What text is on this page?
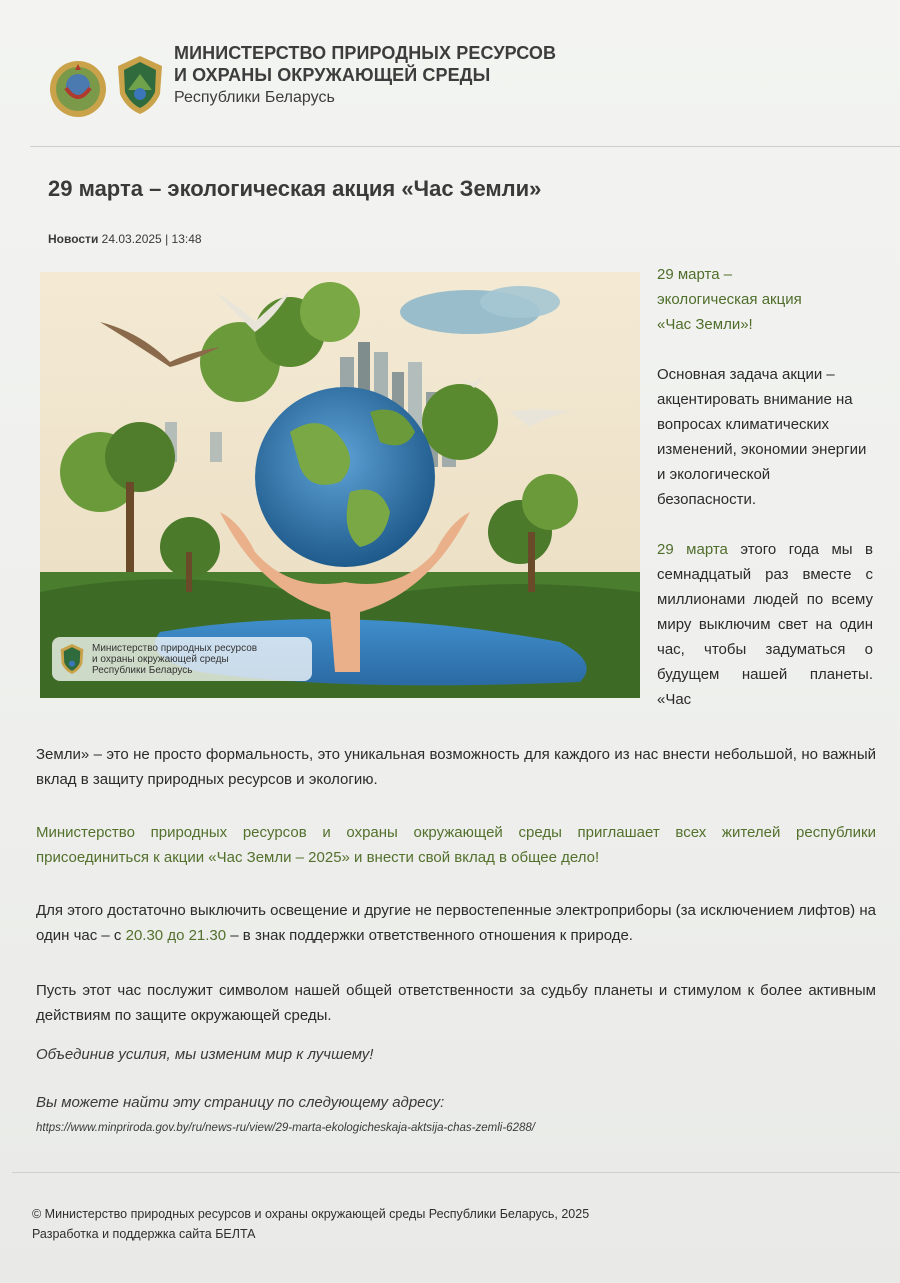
МИНИСТЕРСТВО ПРИРОДНЫХ РЕСУРСОВ
И ОХРАНЫ ОКРУЖАЮЩЕЙ СРЕДЫ
Республики Беларусь
29 марта – экологическая акция «Час Земли»
Новости 24.03.2025 | 13:48
Министерство природных ресурсов
и охраны окружающей среды
Республики Беларусь

29 марта –
экологическая акция
«Час Земли»!

Основная задача акции – акцентировать внимание на вопросах климатических изменений, экономии энергии и экологической безопасности.

29 марта этого года мы в семнадцатый раз вместе с миллионами людей по всему миру выключим свет на один час, чтобы задуматься о будущем нашей планеты. «Час

Земли» – это не просто формальность, это уникальная возможность для каждого из нас внести небольшой, но важный вклад в защиту природных ресурсов и экологию.

Министерство природных ресурсов и охраны окружающей среды приглашает всех жителей республики присоединиться к акции «Час Земли – 2025» и внести свой вклад в общее дело!

Для этого достаточно выключить освещение и другие не первостепенные электроприборы (за исключением лифтов) на один час – с 20.30 до 21.30 – в знак поддержки ответственного отношения к природе.

Пусть этот час послужит символом нашей общей ответственности за судьбу планеты и стимулом к более активным действиям по защите окружающей среды.

Объединив усилия, мы изменим мир к лучшему!
Вы можете найти эту страницу по следующему адресу:
https://www.minpriroda.gov.by/ru/news-ru/view/29-marta-ekologicheskaja-aktsija-chas-zemli-6288/
© Министерство природных ресурсов и охраны окружающей среды Республики Беларусь, 2025
Разработка и поддержка сайта БЕЛТА
